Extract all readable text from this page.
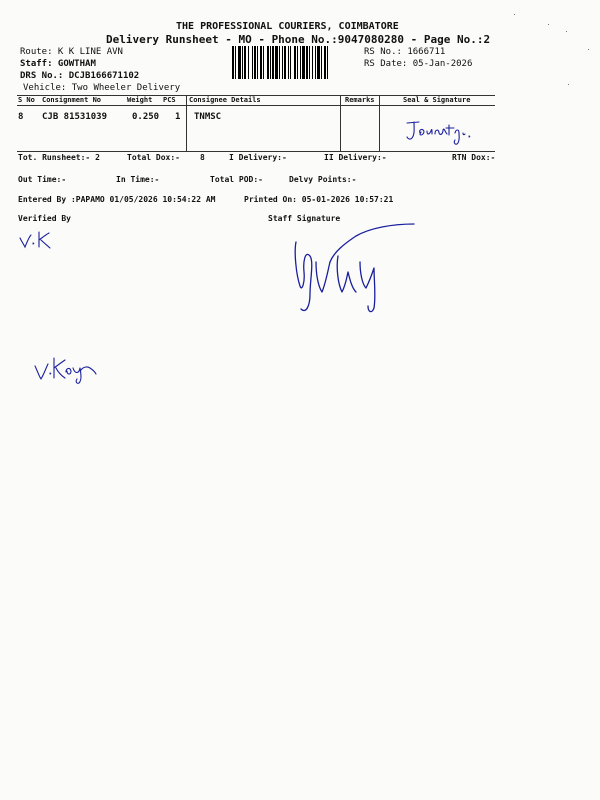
THE PROFESSIONAL COURIERS, COIMBATORE
Delivery Runsheet - MO - Phone No.:9047080280 - Page No.:2
Route: K K LINE AVN
Staff: GOWTHAM
DRS No.: DCJB166671102
Vehicle: Two Wheeler Delivery
RS No.: 1666711
RS Date: 05-Jan-2026
S No Consignment No	Weight PCS Consignee Details	Remarks	Seal & Signature
8 CJB 81531039	0.250 1 TNMSC
Tot. Runsheet:- 2	Total Dox:-	8	I Delivery:-	II Delivery:-	RTN Dox:-
Out Time:-	In Time:-	Total POD:-	Delvy Points:-
Entered By :PAPAMO 01/05/2026 10:54:22 AM	Printed On: 05-01-2026 10:57:21
Verified By	Staff Signature
